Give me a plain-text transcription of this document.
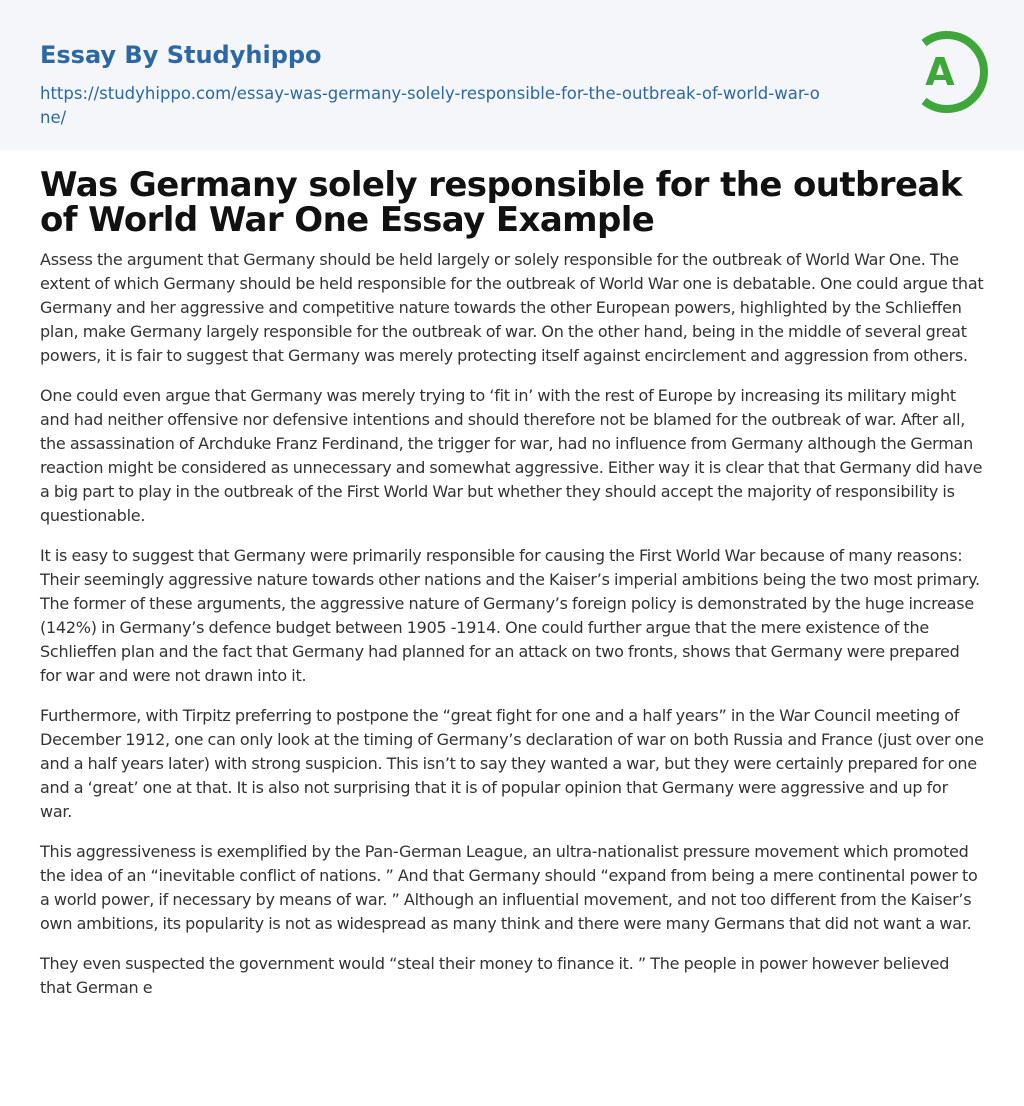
Essay By Studyhippo
https://studyhippo.com/essay-was-germany-solely-responsible-for-the-outbreak-of-world-war-one/
A
Was Germany solely responsible for the outbreak of World War One Essay Example

Assess the argument that Germany should be held largely or solely responsible for the outbreak of World War One. The extent of which Germany should be held responsible for the outbreak of World War one is debatable. One could argue that Germany and her aggressive and competitive nature towards the other European powers, highlighted by the Schlieffen plan, make Germany largely responsible for the outbreak of war. On the other hand, being in the middle of several great powers, it is fair to suggest that Germany was merely protecting itself against encirclement and aggression from others.

One could even argue that Germany was merely trying to ‘fit in’ with the rest of Europe by increasing its military might and had neither offensive nor defensive intentions and should therefore not be blamed for the outbreak of war. After all, the assassination of Archduke Franz Ferdinand, the trigger for war, had no influence from Germany although the German reaction might be considered as unnecessary and somewhat aggressive. Either way it is clear that that Germany did have a big part to play in the outbreak of the First World War but whether they should accept the majority of responsibility is questionable.

It is easy to suggest that Germany were primarily responsible for causing the First World War because of many reasons: Their seemingly aggressive nature towards other nations and the Kaiser’s imperial ambitions being the two most primary. The former of these arguments, the aggressive nature of Germany’s foreign policy is demonstrated by the huge increase (142%) in Germany’s defence budget between 1905 -1914. One could further argue that the mere existence of the Schlieffen plan and the fact that Germany had planned for an attack on two fronts, shows that Germany were prepared for war and were not drawn into it.

Furthermore, with Tirpitz preferring to postpone the “great fight for one and a half years” in the War Council meeting of December 1912, one can only look at the timing of Germany’s declaration of war on both Russia and France (just over one and a half years later) with strong suspicion. This isn’t to say they wanted a war, but they were certainly prepared for one and a ‘great’ one at that. It is also not surprising that it is of popular opinion that Germany were aggressive and up for war.

This aggressiveness is exemplified by the Pan-German League, an ultra-nationalist pressure movement which promoted the idea of an “inevitable conflict of nations. ” And that Germany should “expand from being a mere continental power to a world power, if necessary by means of war. ” Although an influential movement, and not too different from the Kaiser’s own ambitions, its popularity is not as widespread as many think and there were many Germans that did not want a war.

They even suspected the government would “steal their money to finance it. ” The people in power however believed that German e
